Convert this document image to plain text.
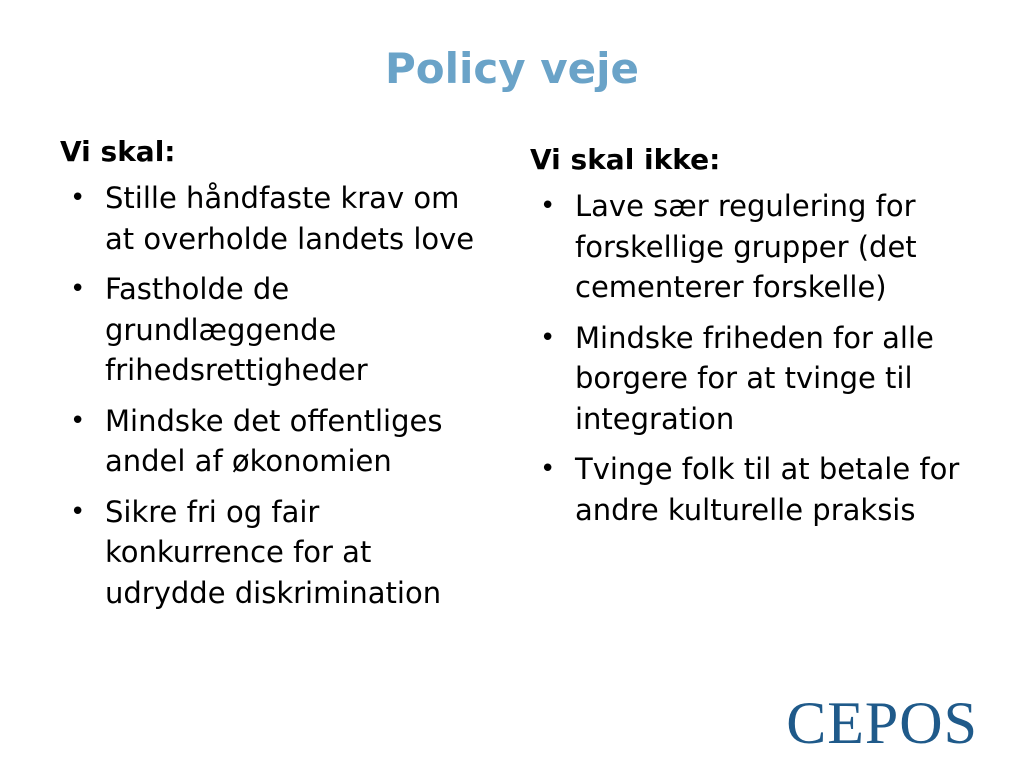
Policy veje
Vi skal:
• Stille håndfaste krav om at overholde landets love
• Fastholde de grundlæggende frihedsrettigheder
• Mindske det offentliges andel af økonomien
• Sikre fri og fair konkurrence for at udrydde diskrimination
Vi skal ikke:
• Lave sær regulering for forskellige grupper (det cementerer forskelle)
• Mindske friheden for alle borgere for at tvinge til integration
• Tvinge folk til at betale for andre kulturelle praksis
CEPOS
